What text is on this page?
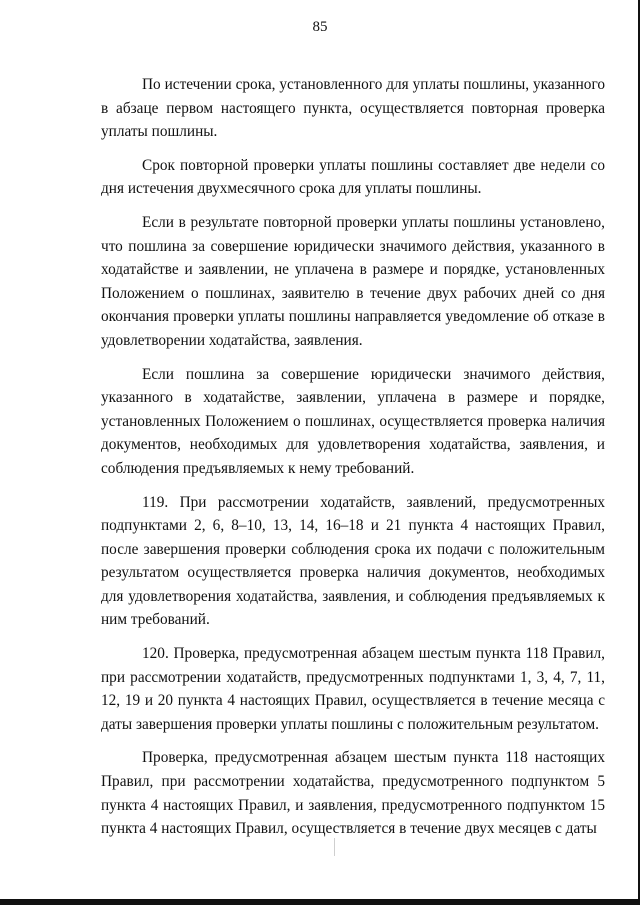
85

По истечении срока, установленного для уплаты пошлины, указанного в абзаце первом настоящего пункта, осуществляется повторная проверка уплаты пошлины.

Срок повторной проверки уплаты пошлины составляет две недели со дня истечения двухмесячного срока для уплаты пошлины.

Если в результате повторной проверки уплаты пошлины установлено, что пошлина за совершение юридически значимого действия, указанного в ходатайстве и заявлении, не уплачена в размере и порядке, установленных Положением о пошлинах, заявителю в течение двух рабочих дней со дня окончания проверки уплаты пошлины направляется уведомление об отказе в удовлетворении ходатайства, заявления.

Если пошлина за совершение юридически значимого действия, указанного в ходатайстве, заявлении, уплачена в размере и порядке, установленных Положением о пошлинах, осуществляется проверка наличия документов, необходимых для удовлетворения ходатайства, заявления, и соблюдения предъявляемых к нему требований.

119. При рассмотрении ходатайств, заявлений, предусмотренных подпунктами 2, 6, 8–10, 13, 14, 16–18 и 21 пункта 4 настоящих Правил, после завершения проверки соблюдения срока их подачи с положительным результатом осуществляется проверка наличия документов, необходимых для удовлетворения ходатайства, заявления, и соблюдения предъявляемых к ним требований.

120. Проверка, предусмотренная абзацем шестым пункта 118 Правил, при рассмотрении ходатайств, предусмотренных подпунктами 1, 3, 4, 7, 11, 12, 19 и 20 пункта 4 настоящих Правил, осуществляется в течение месяца с даты завершения проверки уплаты пошлины с положительным результатом.

Проверка, предусмотренная абзацем шестым пункта 118 настоящих Правил, при рассмотрении ходатайства, предусмотренного подпунктом 5 пункта 4 настоящих Правил, и заявления, предусмотренного подпунктом 15 пункта 4 настоящих Правил, осуществляется в течение двух месяцев с даты
